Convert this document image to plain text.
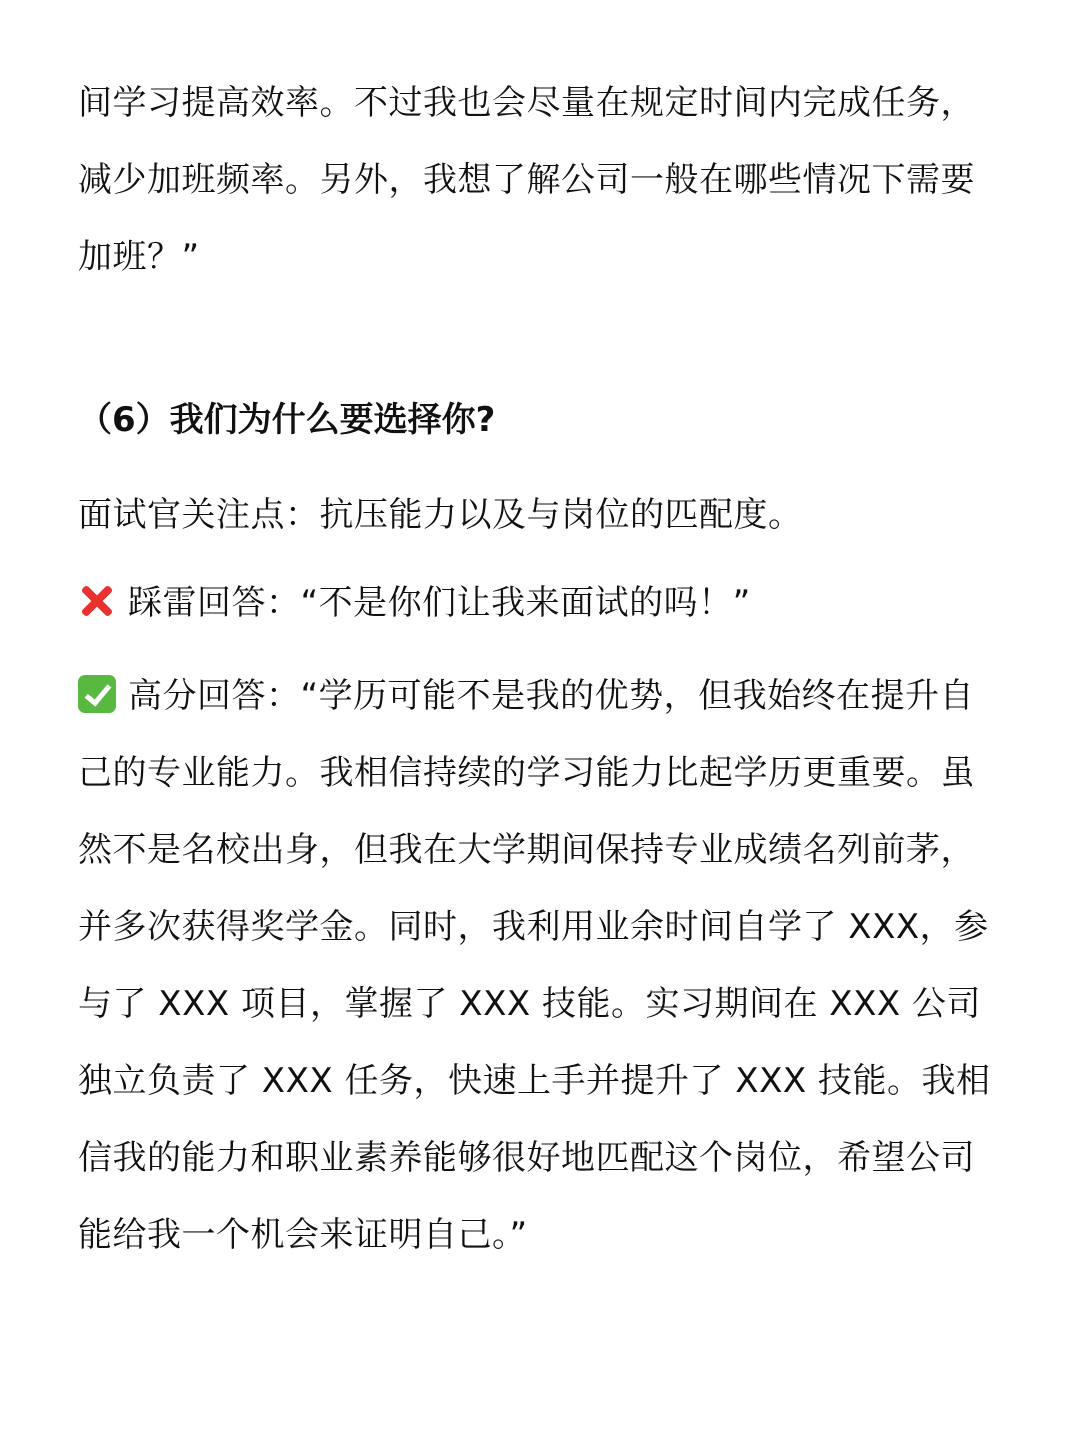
间学习提高效率。不过我也会尽量在规定时间内完成任务，减少加班频率。另外，我想了解公司一般在哪些情况下需要加班？”

（6）我们为什么要选择你?

面试官关注点：抗压能力以及与岗位的匹配度。

踩雷回答：“不是你们让我来面试的吗！”

高分回答：“学历可能不是我的优势，但我始终在提升自己的专业能力。我相信持续的学习能力比起学历更重要。虽然不是名校出身，但我在大学期间保持专业成绩名列前茅，并多次获得奖学金。同时，我利用业余时间自学了 XXX，参与了 XXX 项目，掌握了 XXX 技能。实习期间在 XXX 公司独立负责了 XXX 任务，快速上手并提升了 XXX 技能。我相信我的能力和职业素养能够很好地匹配这个岗位，希望公司能给我一个机会来证明自己。”
